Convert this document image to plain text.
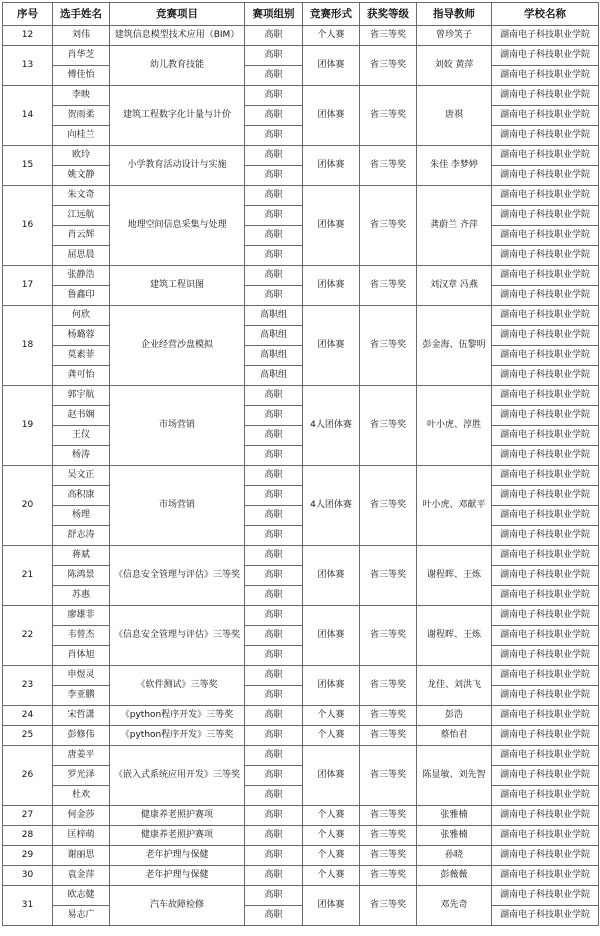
序号	选手姓名	竞赛项目	赛项组别	竞赛形式	获奖等级	指导教师	学校名称
12	刘伟	建筑信息模型技术应用（BIM）	高职	个人赛	省三等奖	曾珍笑子	湖南电子科技职业学院
13	肖华芝	幼儿教育技能	高职	团体赛	省三等奖	刘姣 黄萍	湖南电子科技职业学院
	傅佳怡		高职				湖南电子科技职业学院
14	李映	建筑工程数字化计量与计价	高职	团体赛	省三等奖	唐祺	湖南电子科技职业学院
	贺雨柔		高职				湖南电子科技职业学院
	向桂兰		高职				湖南电子科技职业学院
15	欧玲	小学教育活动设计与实施	高职	团体赛	省三等奖	朱佳 李梦婷	湖南电子科技职业学院
	姚文静		高职				湖南电子科技职业学院
16	朱文奇	地理空间信息采集与处理	高职	团体赛	省三等奖	龚蔚兰 齐萍	湖南电子科技职业学院
	江远航		高职				湖南电子科技职业学院
	肖云辉		高职				湖南电子科技职业学院
	屈思晨		高职				湖南电子科技职业学院
17	张静浩	建筑工程识图	高职	团体赛	省三等奖	刘汉章 冯燕	湖南电子科技职业学院
	鲁鑫印		高职				湖南电子科技职业学院
18	何欣	企业经营沙盘模拟	高职组	团体赛	省三等奖	彭金海、伍黎明	湖南电子科技职业学院
	杨璐蓉		高职组				湖南电子科技职业学院
	莫素菲		高职组				湖南电子科技职业学院
	龚可怡		高职组				湖南电子科技职业学院
19	郭宇航	市场营销	高职	4人团体赛	省三等奖	叶小虎、淳胜	湖南电子科技职业学院
	赵书娴		高职				湖南电子科技职业学院
	王仪		高职				湖南电子科技职业学院
	杨涛		高职				湖南电子科技职业学院
20	吴文正	市场营销	高职	4人团体赛	省三等奖	叶小虎、邓献平	湖南电子科技职业学院
	高积康		高职				湖南电子科技职业学院
	杨理		高职				湖南电子科技职业学院
	舒志涛		高职				湖南电子科技职业学院
21	蒋斌	《信息安全管理与评估》三等奖	高职	团体赛	省三等奖	谢程晖、王炼	湖南电子科技职业学院
	陈鸿景		高职				湖南电子科技职业学院
	苏惠		高职				湖南电子科技职业学院
22	廖雄非	《信息安全管理与评估》三等奖	高职	团体赛	省三等奖	谢程晖、王炼	湖南电子科技职业学院
	韦曾杰		高职				湖南电子科技职业学院
	肖体旭		高职				湖南电子科技职业学院
23	申煜灵	《软件测试》三等奖	高职	团体赛	省三等奖	龙佳、刘洪飞	湖南电子科技职业学院
	李亚鹏		高职				湖南电子科技职业学院
24	宋哲潇	《python程序开发》三等奖	高职	个人赛	省三等奖	彭浩	湖南电子科技职业学院
25	彭修伟	《python程序开发》三等奖	高职	个人赛	省三等奖	蔡怡君	湖南电子科技职业学院
26	唐姜平	《嵌入式系统应用开发》三等奖	高职	团体赛	省三等奖	陈显敏、刘先智	湖南电子科技职业学院
	罗光泽		高职				湖南电子科技职业学院
	杜欢		高职				湖南电子科技职业学院
27	何金莎	健康养老照护赛项	高职	个人赛	省三等奖	张雅楠	湖南电子科技职业学院
28	匡梓萌	健康养老照护赛项	高职	个人赛	省三等奖	张雅楠	湖南电子科技职业学院
29	谢丽思	老年护理与保健	高职	个人赛	省三等奖	孙晓	湖南电子科技职业学院
30	袁金萍	老年护理与保健	高职	个人赛	省三等奖	彭薇薇	湖南电子科技职业学院
31	欧志健	汽车故障检修	高职	团体赛	省三等奖	邓先奇	湖南电子科技职业学院
	易志广		高职				湖南电子科技职业学院
